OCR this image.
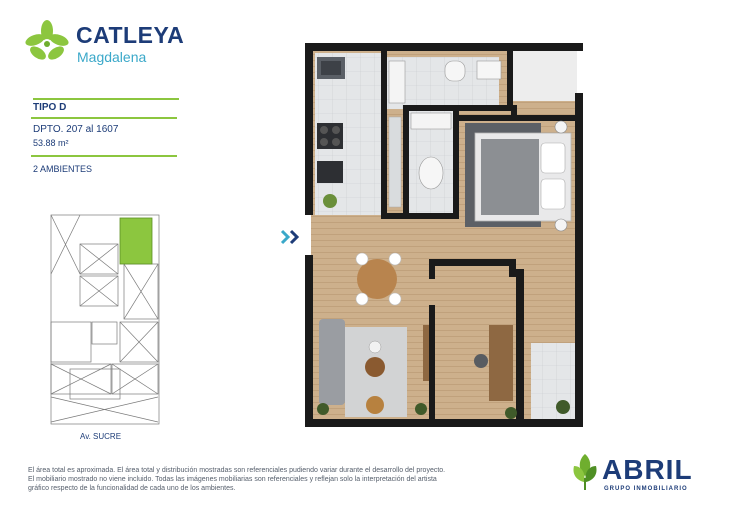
CATLEYA
Magdalena
TIPO D
DPTO. 207 al 1607
53.88 m²
2 AMBIENTES
Av. SUCRE

El área total es aproximada. El área total y distribución mostradas son referenciales pudiendo variar durante el desarrollo del proyecto.

El mobiliario mostrado no viene incluido. Todas las imágenes mobiliarias son referenciales y reflejan solo la interpretación del artista

gráfico respecto de la funcionalidad de cada uno de los ambientes.

ABRIL
GRUPO INMOBILIARIO
